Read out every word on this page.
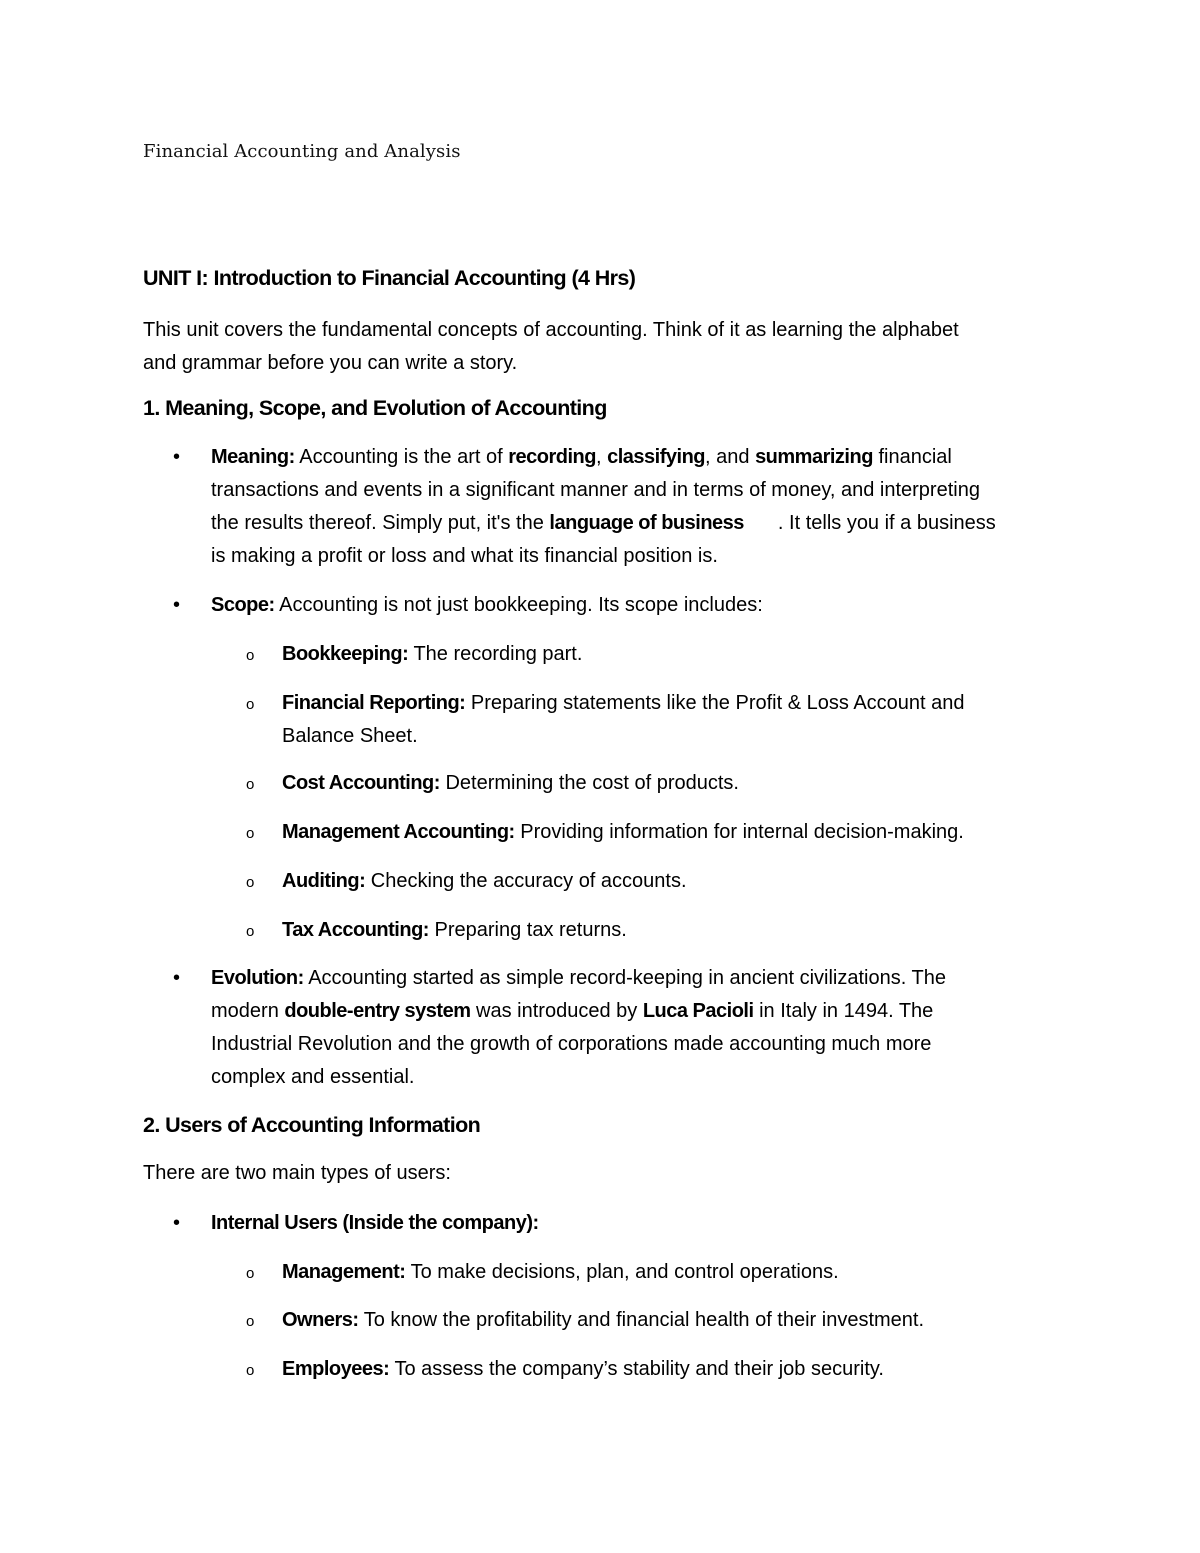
Financial Accounting and Analysis
UNIT I: Introduction to Financial Accounting (4 Hrs)
This unit covers the fundamental concepts of accounting. Think of it as learning the alphabet
and grammar before you can write a story.
1. Meaning, Scope, and Evolution of Accounting
• Meaning: Accounting is the art of recording, classifying, and summarizing financial
transactions and events in a significant manner and in terms of money, and interpreting
the results thereof. Simply put, it's the language of business . It tells you if a business
is making a profit or loss and what its financial position is.
• Scope: Accounting is not just bookkeeping. Its scope includes:
o Bookkeeping: The recording part.
o Financial Reporting: Preparing statements like the Profit & Loss Account and
Balance Sheet.
o Cost Accounting: Determining the cost of products.
o Management Accounting: Providing information for internal decision-making.
o Auditing: Checking the accuracy of accounts.
o Tax Accounting: Preparing tax returns.
• Evolution: Accounting started as simple record-keeping in ancient civilizations. The
modern double-entry system was introduced by Luca Pacioli in Italy in 1494. The
Industrial Revolution and the growth of corporations made accounting much more
complex and essential.
2. Users of Accounting Information
There are two main types of users:
• Internal Users (Inside the company):
o Management: To make decisions, plan, and control operations.
o Owners: To know the profitability and financial health of their investment.
o Employees: To assess the company’s stability and their job security.
